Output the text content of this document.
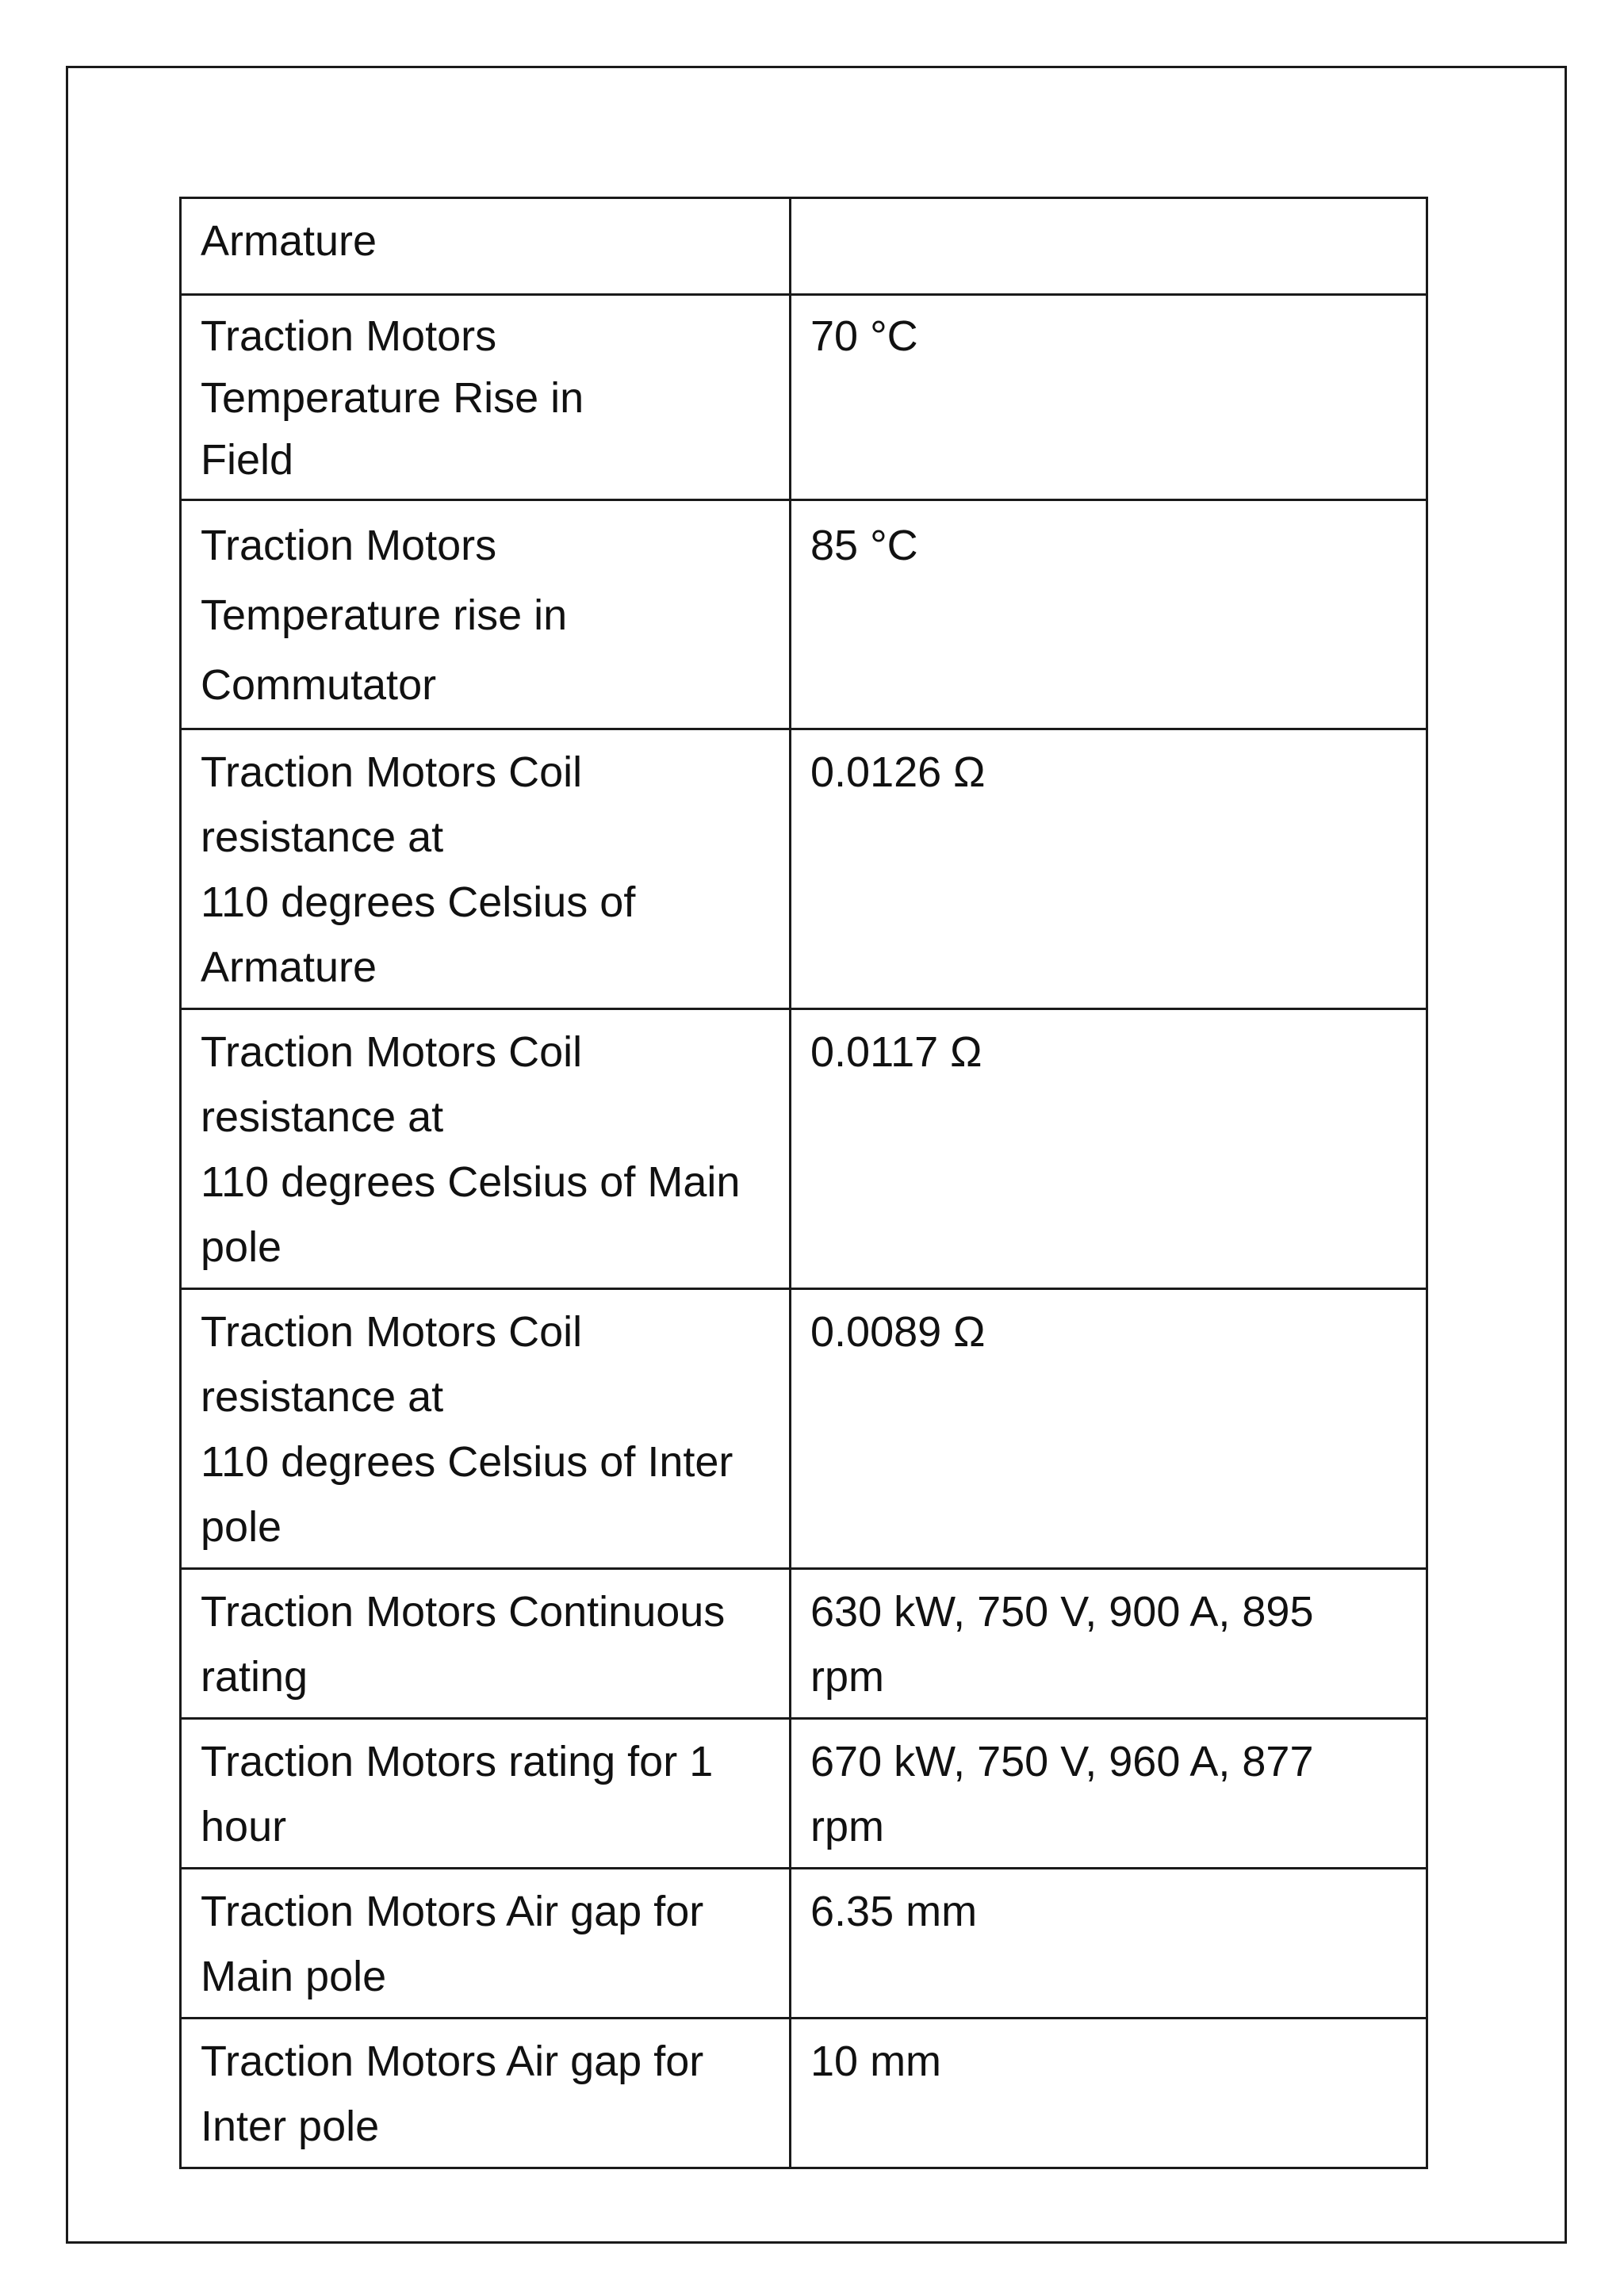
Armature	

Traction Motors
Temperature Rise in
Field	70 °C

Traction Motors
Temperature rise in
Commutator	85 °C

Traction Motors Coil
resistance at
110 degrees Celsius of
Armature	0.0126 Ω

Traction Motors Coil
resistance at
110 degrees Celsius of Main
pole	0.0117 Ω

Traction Motors Coil
resistance at
110 degrees Celsius of Inter
pole	0.0089 Ω

Traction Motors Continuous
rating	630 kW, 750 V, 900 A, 895
rpm

Traction Motors rating for 1
hour	670 kW, 750 V, 960 A, 877
rpm

Traction Motors Air gap for
Main pole	6.35 mm

Traction Motors Air gap for
Inter pole	10 mm
